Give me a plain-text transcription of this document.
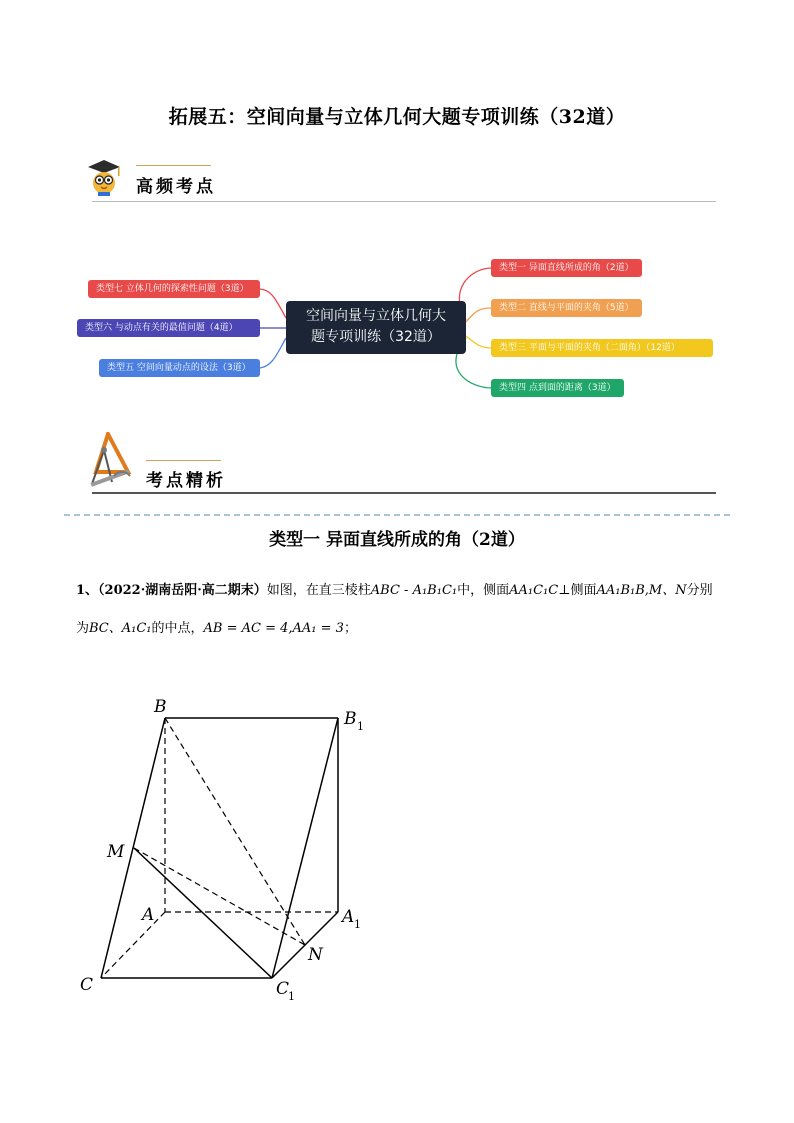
拓展五：空间向量与立体几何大题专项训练（32道）
高频考点
空间向量与立体几何大
题专项训练（32道）
类型一 异面直线所成的角（2道）
类型二 直线与平面的夹角（5道）
类型三 平面与平面的夹角（二面角）（12道）
类型四 点到面的距离（3道）
类型七 立体几何的探索性问题（3道）
类型六 与动点有关的最值问题（4道）
类型五 空间向量动点的设法（3道）
考点精析
类型一 异面直线所成的角（2道）
1、（2022·湖南岳阳·高二期末）如图，在直三棱柱ABC - A₁B₁C₁中，侧面AA₁C₁C⊥侧面AA₁B₁B,M、N分别
为BC、A₁C₁的中点，AB = AC = 4,AA₁ = 3；
B
B 1
M
A	A 1
N
C	C
1
